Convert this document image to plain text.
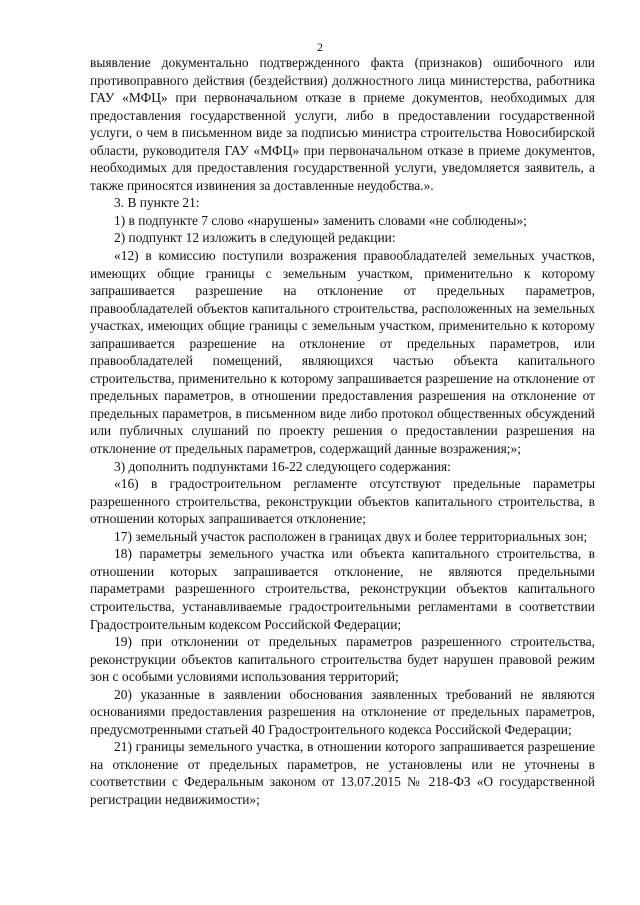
2

выявление документально подтвержденного факта (признаков) ошибочного или противоправного действия (бездействия) должностного лица министерства, работника ГАУ «МФЦ» при первоначальном отказе в приеме документов, необходимых для предоставления государственной услуги, либо в предоставлении государственной услуги, о чем в письменном виде за подписью министра строительства Новосибирской области, руководителя ГАУ «МФЦ» при первоначальном отказе в приеме документов, необходимых для предоставления государственной услуги, уведомляется заявитель, а также приносятся извинения за доставленные неудобства.».

3. В пункте 21:

1) в подпункте 7 слово «нарушены» заменить словами «не соблюдены»;

2) подпункт 12 изложить в следующей редакции:

«12) в комиссию поступили возражения правообладателей земельных участков, имеющих общие границы с земельным участком, применительно к которому запрашивается разрешение на отклонение от предельных параметров, правообладателей объектов капитального строительства, расположенных на земельных участках, имеющих общие границы с земельным участком, применительно к которому запрашивается разрешение на отклонение от предельных параметров, или правообладателей помещений, являющихся частью объекта капитального строительства, применительно к которому запрашивается разрешение на отклонение от предельных параметров, в отношении предоставления разрешения на отклонение от предельных параметров, в письменном виде либо протокол общественных обсуждений или публичных слушаний по проекту решения о предоставлении разрешения на отклонение от предельных параметров, содержащий данные возражения;»;

3) дополнить подпунктами 16-22 следующего содержания:

«16) в градостроительном регламенте отсутствуют предельные параметры разрешенного строительства, реконструкции объектов капитального строительства, в отношении которых запрашивается отклонение;

17) земельный участок расположен в границах двух и более территориальных зон;

18) параметры земельного участка или объекта капитального строительства, в отношении которых запрашивается отклонение, не являются предельными параметрами разрешенного строительства, реконструкции объектов капитального строительства, устанавливаемые градостроительными регламентами в соответствии Градостроительным кодексом Российской Федерации;

19) при отклонении от предельных параметров разрешенного строительства, реконструкции объектов капитального строительства будет нарушен правовой режим зон с особыми условиями использования территорий;

20) указанные в заявлении обоснования заявленных требований не являются основаниями предоставления разрешения на отклонение от предельных параметров, предусмотренными статьей 40 Градостроительного кодекса Российской Федерации;

21) границы земельного участка, в отношении которого запрашивается разрешение на отклонение от предельных параметров, не установлены или не уточнены в соответствии с Федеральным законом от 13.07.2015 № 218-ФЗ «О государственной регистрации недвижимости»;
